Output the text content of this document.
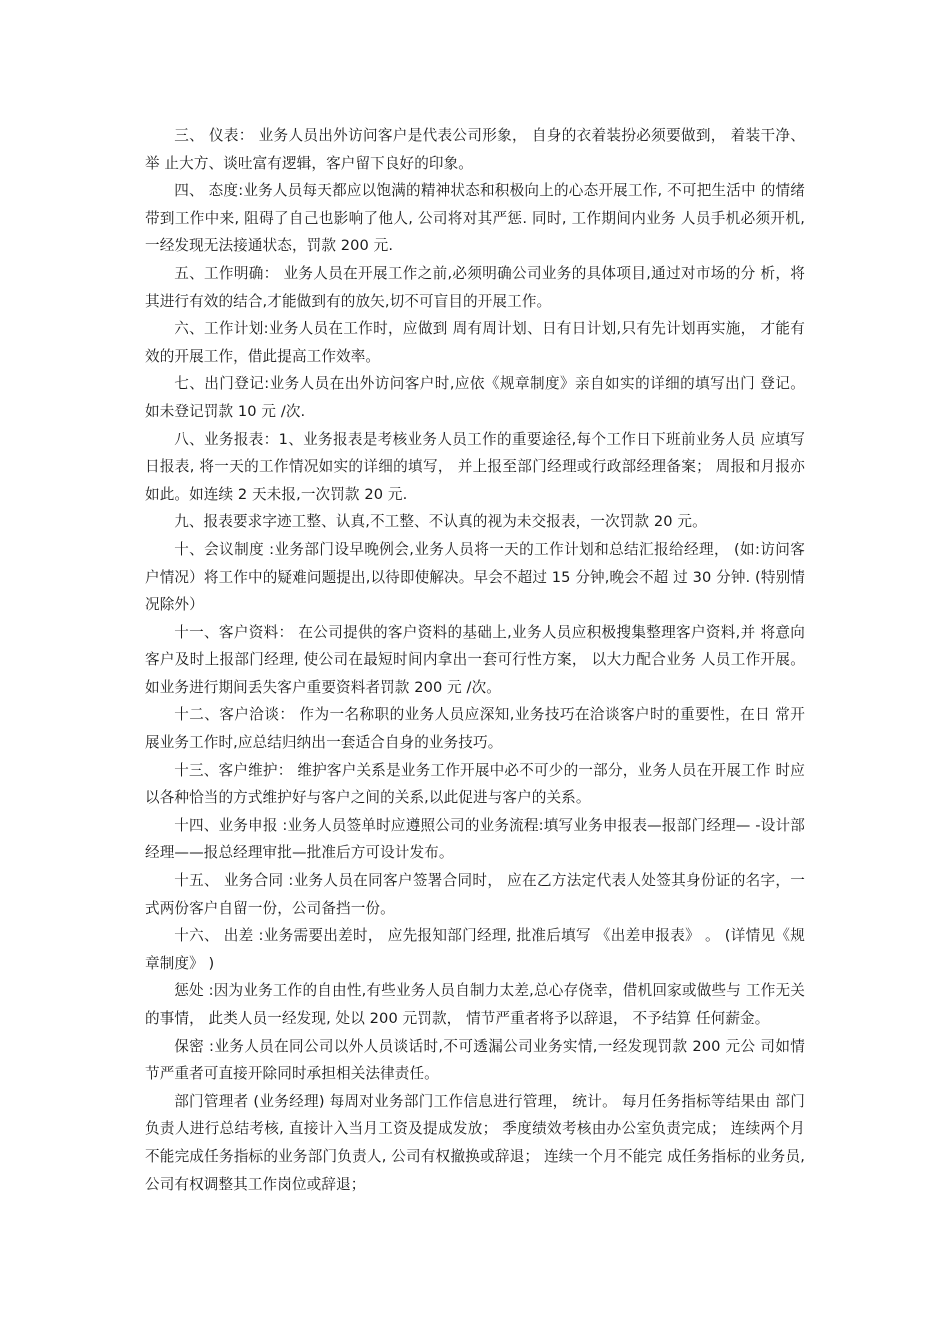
三、 仪表： 业务人员出外访问客户是代表公司形象， 自身的衣着装扮必须要做到， 着装干净、 举 止大方、谈吐富有逻辑，客户留下良好的印象。

四、 态度:业务人员每天都应以饱满的精神状态和积极向上的心态开展工作, 不可把生活中 的情绪带到工作中来, 阻碍了自己也影响了他人, 公司将对其严惩. 同时, 工作期间内业务 人员手机必须开机,一经发现无法接通状态，罚款 200 元.

五、工作明确： 业务人员在开展工作之前,必须明确公司业务的具体项目,通过对市场的分 析，将其进行有效的结合,才能做到有的放矢,切不可盲目的开展工作。

六、工作计划:业务人员在工作时，应做到 周有周计划、日有日计划,只有先计划再实施， 才能有效的开展工作，借此提高工作效率。

七、出门登记:业务人员在出外访问客户时,应依《规章制度》亲自如实的详细的填写出门 登记。如未登记罚款 10 元 /次.

八、业务报表：1、业务报表是考核业务人员工作的重要途径,每个工作日下班前业务人员 应填写日报表, 将一天的工作情况如实的详细的填写， 并上报至部门经理或行政部经理备案； 周报和月报亦如此。如连续 2 天未报,一次罚款 20 元.

九、报表要求字迹工整、认真,不工整、不认真的视为未交报表，一次罚款 20 元。

十、会议制度 :业务部门设早晚例会,业务人员将一天的工作计划和总结汇报给经理， (如:访问客户情况）将工作中的疑难问题提出,以待即使解决。早会不超过 15 分钟,晚会不超 过 30 分钟. (特别情况除外）

十一、客户资料： 在公司提供的客户资料的基础上,业务人员应积极搜集整理客户资料,并 将意向客户及时上报部门经理, 使公司在最短时间内拿出一套可行性方案， 以大力配合业务 人员工作开展。如业务进行期间丢失客户重要资料者罚款 200 元 /次。

十二、客户洽谈： 作为一名称职的业务人员应深知,业务技巧在洽谈客户时的重要性，在日 常开展业务工作时,应总结归纳出一套适合自身的业务技巧。

十三、客户维护： 维护客户关系是业务工作开展中必不可少的一部分，业务人员在开展工作 时应以各种恰当的方式维护好与客户之间的关系,以此促进与客户的关系。

十四、业务申报 :业务人员签单时应遵照公司的业务流程:填写业务申报表—报部门经理— -设计部经理——报总经理审批—批准后方可设计发布。

十五、 业务合同 :业务人员在同客户签署合同时， 应在乙方法定代表人处签其身份证的名字，一式两份客户自留一份，公司备挡一份。

十六、 出差 :业务需要出差时， 应先报知部门经理, 批准后填写 《出差申报表》 。 (详情见《规 章制度》 )

惩处 :因为业务工作的自由性,有些业务人员自制力太差,总心存侥幸，借机回家或做些与 工作无关的事情， 此类人员一经发现, 处以 200 元罚款， 情节严重者将予以辞退， 不予结算 任何薪金。

保密 :业务人员在同公司以外人员谈话时,不可透漏公司业务实情,一经发现罚款 200 元公 司如情节严重者可直接开除同时承担相关法律责任。

部门管理者 (业务经理) 每周对业务部门工作信息进行管理， 统计。 每月任务指标等结果由 部门负责人进行总结考核, 直接计入当月工资及提成发放； 季度绩效考核由办公室负责完成； 连续两个月不能完成任务指标的业务部门负责人, 公司有权撤换或辞退； 连续一个月不能完 成任务指标的业务员,公司有权调整其工作岗位或辞退；
